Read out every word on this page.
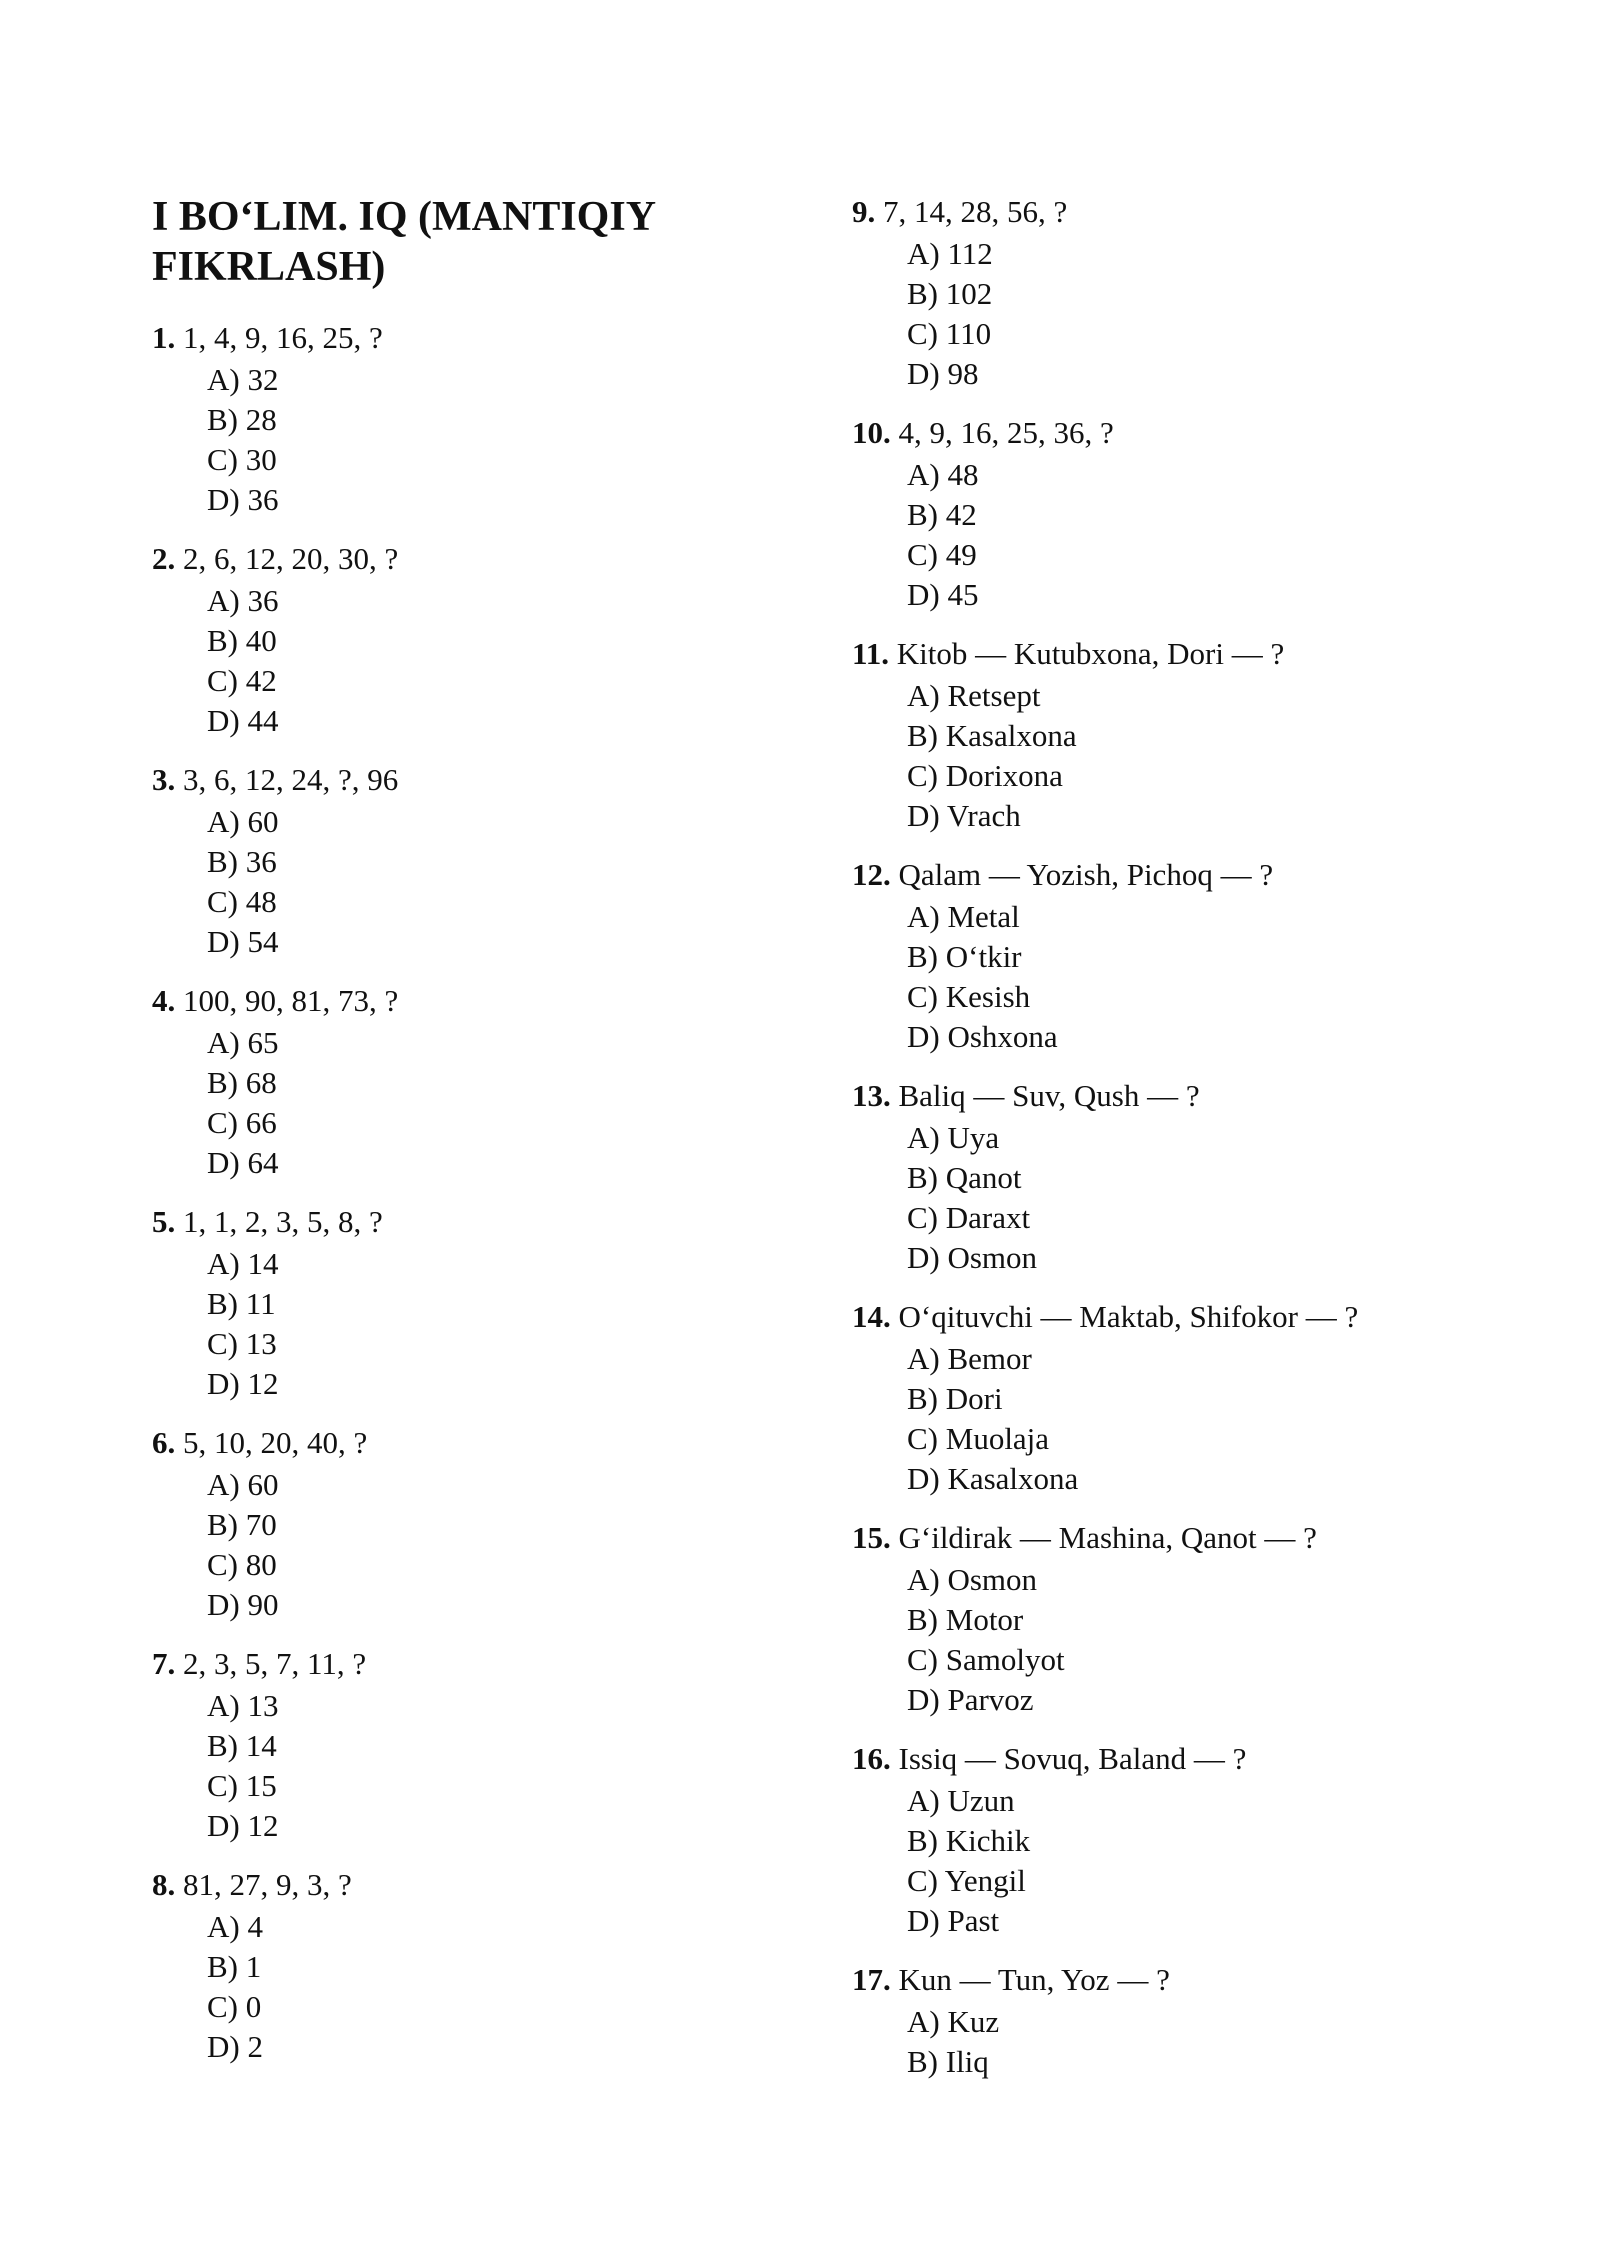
I BO‘LIM. IQ (MANTIQIY FIKRLASH)
1. 1, 4, 9, 16, 25, ?
A) 32
B) 28
C) 30
D) 36
2. 2, 6, 12, 20, 30, ?
A) 36
B) 40
C) 42
D) 44
3. 3, 6, 12, 24, ?, 96
A) 60
B) 36
C) 48
D) 54
4. 100, 90, 81, 73, ?
A) 65
B) 68
C) 66
D) 64
5. 1, 1, 2, 3, 5, 8, ?
A) 14
B) 11
C) 13
D) 12
6. 5, 10, 20, 40, ?
A) 60
B) 70
C) 80
D) 90
7. 2, 3, 5, 7, 11, ?
A) 13
B) 14
C) 15
D) 12
8. 81, 27, 9, 3, ?
A) 4
B) 1
C) 0
D) 2
9. 7, 14, 28, 56, ?
A) 112
B) 102
C) 110
D) 98
10. 4, 9, 16, 25, 36, ?
A) 48
B) 42
C) 49
D) 45
11. Kitob — Kutubxona, Dori — ?
A) Retsept
B) Kasalxona
C) Dorixona
D) Vrach
12. Qalam — Yozish, Pichoq — ?
A) Metal
B) O‘tkir
C) Kesish
D) Oshxona
13. Baliq — Suv, Qush — ?
A) Uya
B) Qanot
C) Daraxt
D) Osmon
14. O‘qituvchi — Maktab, Shifokor — ?
A) Bemor
B) Dori
C) Muolaja
D) Kasalxona
15. G‘ildirak — Mashina, Qanot — ?
A) Osmon
B) Motor
C) Samolyot
D) Parvoz
16. Issiq — Sovuq, Baland — ?
A) Uzun
B) Kichik
C) Yengil
D) Past
17. Kun — Tun, Yoz — ?
A) Kuz
B) Iliq
